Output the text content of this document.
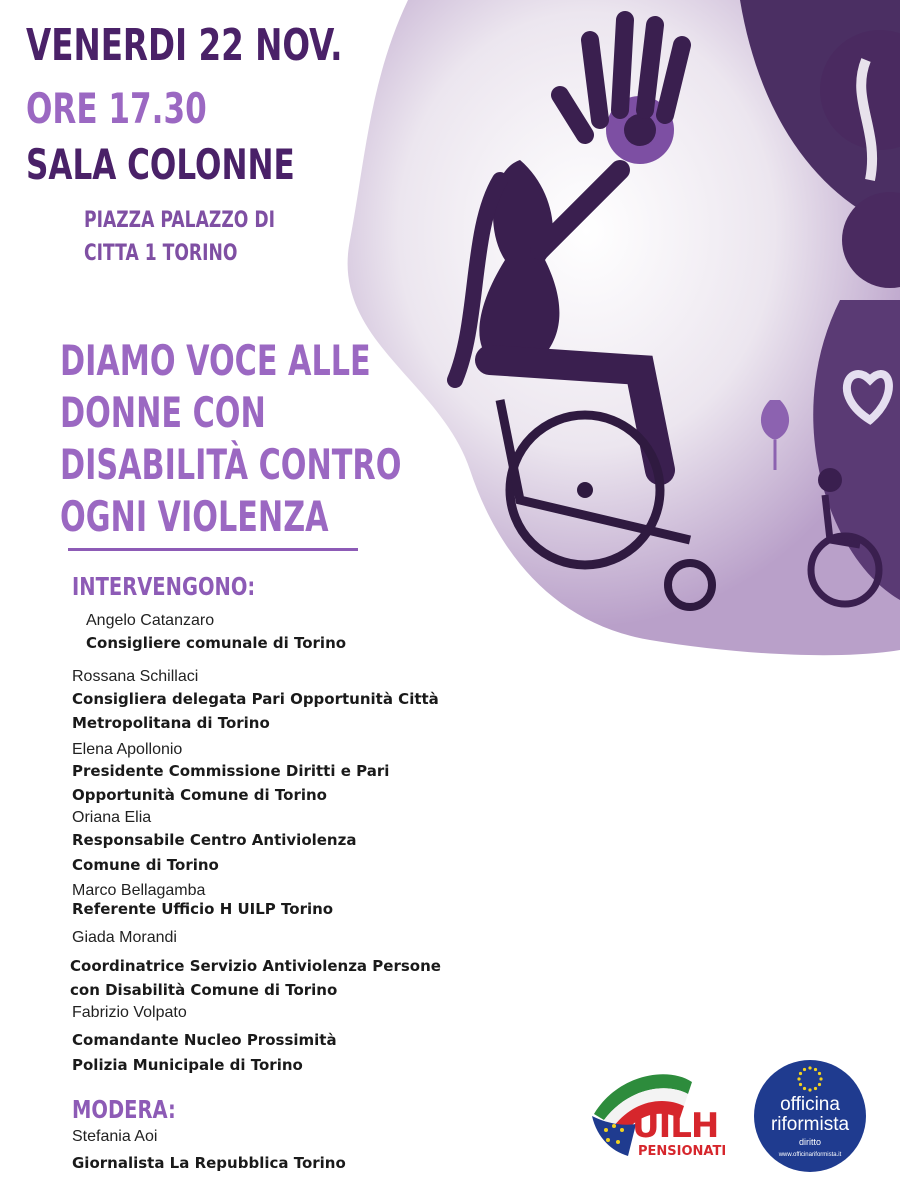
VENERDI 22 NOV.
ORE 17.30
SALA COLONNE
PIAZZA PALAZZO DI
CITTA 1 TORINO
DIAMO VOCE ALLE
DONNE CON
DISABILITÀ CONTRO
OGNI VIOLENZA
INTERVENGONO:
Angelo Catanzaro
Consigliere comunale di Torino
Rossana Schillaci
Consigliera delegata Pari Opportunità Città
Metropolitana di Torino
Elena Apollonio
Presidente Commissione Diritti e Pari
Opportunità Comune di Torino
Oriana Elia
Responsabile Centro Antiviolenza
Comune di Torino
Marco Bellagamba
Referente Ufficio H UILP Torino
Giada Morandi
Coordinatrice Servizio Antiviolenza Persone
con Disabilità Comune di Torino
Fabrizio Volpato
Comandante Nucleo Prossimità
Polizia Municipale di Torino
MODERA:
Stefania Aoi
Giornalista La Repubblica Torino
UILH
PENSIONATI
officina
riformista
diritto
www.officinariformista.it
